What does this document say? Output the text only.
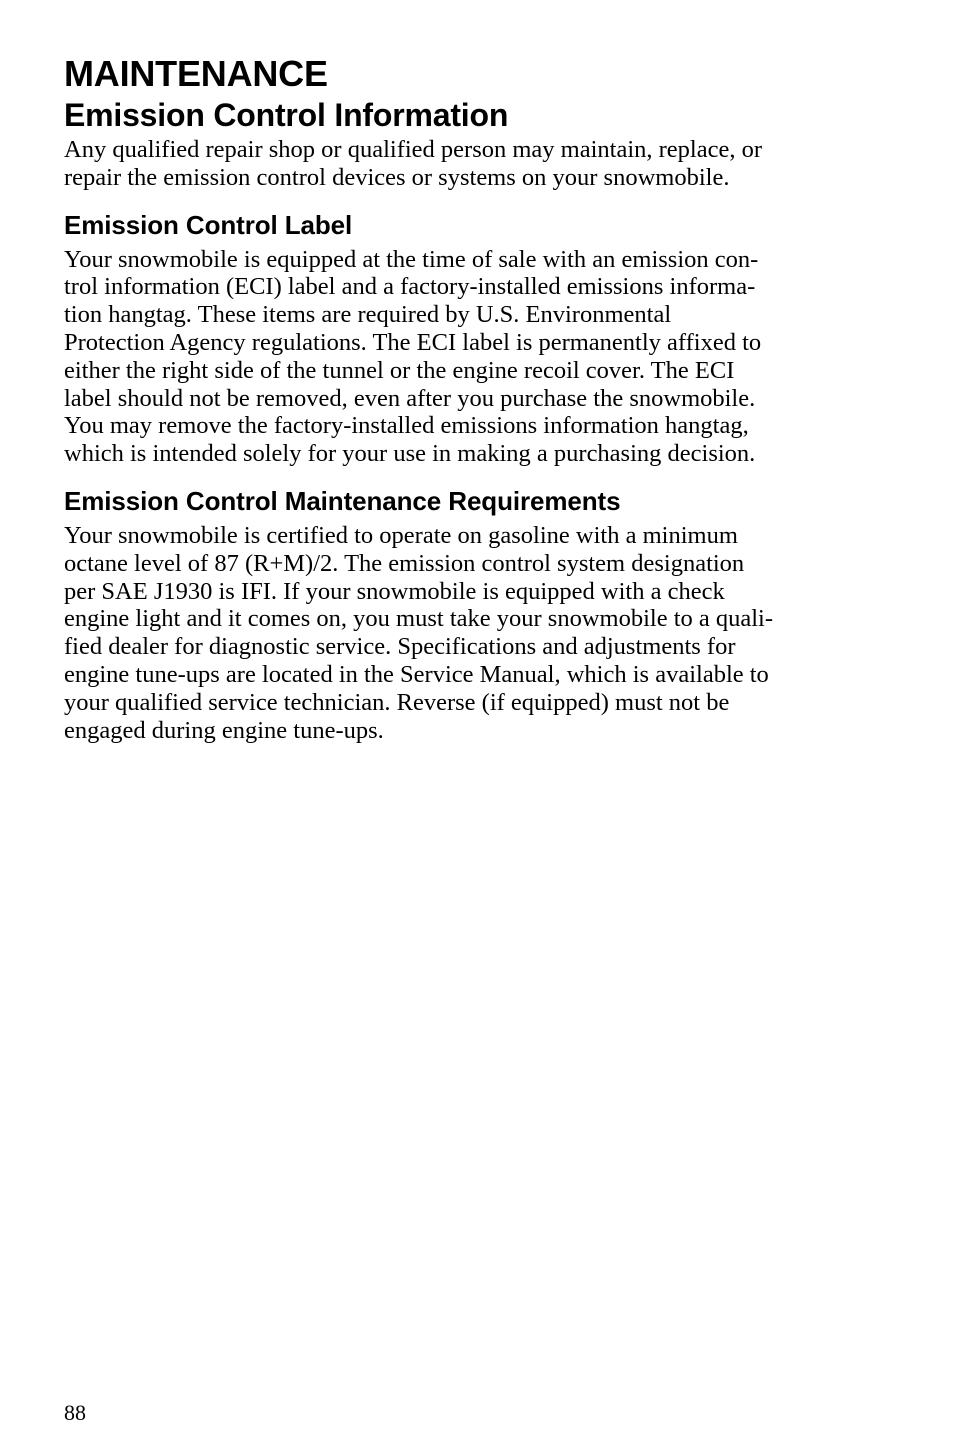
MAINTENANCE
Emission Control Information

Any qualified repair shop or qualified person may maintain, replace, or
repair the emission control devices or systems on your snowmobile.

Emission Control Label

Your snowmobile is equipped at the time of sale with an emission con-
trol information (ECI) label and a factory-installed emissions informa-
tion hangtag. These items are required by U.S. Environmental
Protection Agency regulations. The ECI label is permanently affixed to
either the right side of the tunnel or the engine recoil cover. The ECI
label should not be removed, even after you purchase the snowmobile.
You may remove the factory-installed emissions information hangtag,
which is intended solely for your use in making a purchasing decision.

Emission Control Maintenance Requirements

Your snowmobile is certified to operate on gasoline with a minimum
octane level of 87 (R+M)/2. The emission control system designation
per SAE J1930 is IFI. If your snowmobile is equipped with a check
engine light and it comes on, you must take your snowmobile to a quali-
fied dealer for diagnostic service. Specifications and adjustments for
engine tune-ups are located in the Service Manual, which is available to
your qualified service technician. Reverse (if equipped) must not be
engaged during engine tune-ups.

88
